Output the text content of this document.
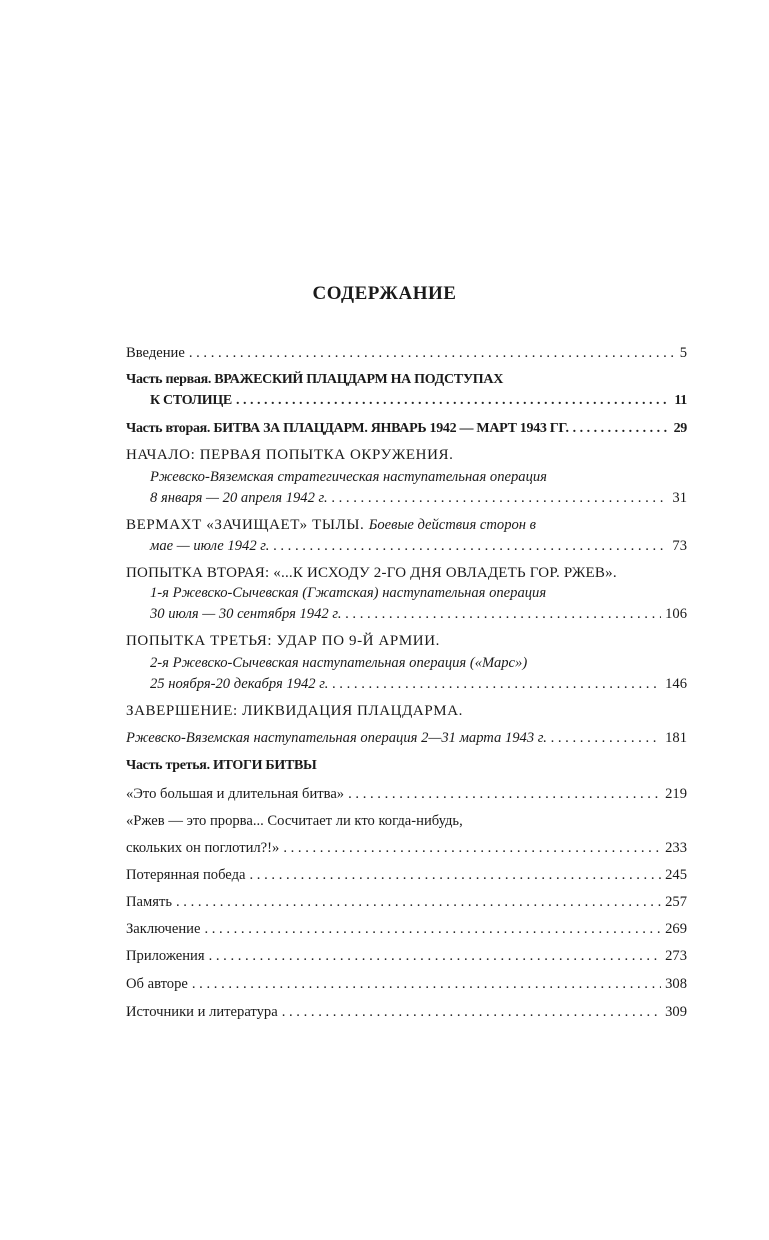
СОДЕРЖАНИЕ
Введение . . .	5
Часть первая. ВРАЖЕСКИЙ ПЛАЦДАРМ НА ПОДСТУПАХ
К СТОЛИЦЕ . . .	11
Часть вторая. БИТВА ЗА ПЛАЦДАРМ. ЯНВАРЬ 1942 — МАРТ 1943 ГГ. . . .	29
НАЧАЛО: ПЕРВАЯ ПОПЫТКА ОКРУЖЕНИЯ.
Ржевско-Вяземская стратегическая наступательная операция
8 января — 20 апреля 1942 г. . . .	31
ВЕРМАХТ «ЗАЧИЩАЕТ» ТЫЛЫ. Боевые действия сторон в
мае — июле 1942 г. . . .	73
ПОПЫТКА ВТОРАЯ: «...К ИСХОДУ 2-ГО ДНЯ ОВЛАДЕТЬ ГОР. РЖЕВ».
1-я Ржевско-Сычевская (Гжатская) наступательная операция
30 июля — 30 сентября 1942 г. . . .	106
ПОПЫТКА ТРЕТЬЯ: УДАР ПО 9-Й АРМИИ.
2-я Ржевско-Сычевская наступательная операция («Марс»)
25 ноября-20 декабря 1942 г. . . .	146
ЗАВЕРШЕНИЕ: ЛИКВИДАЦИЯ ПЛАЦДАРМА.
Ржевско-Вяземская наступательная операция 2—31 марта 1943 г. . . .	181
Часть третья. ИТОГИ БИТВЫ
«Это большая и длительная битва» . . .	219
«Ржев — это прорва... Сосчитает ли кто когда-нибудь,
скольких он поглотил?!» . . .	233
Потерянная победа . . .	245
Память . . .	257
Заключение . . .	269
Приложения . . .	273
Об авторе . . .	308
Источники и литература . . .	309
